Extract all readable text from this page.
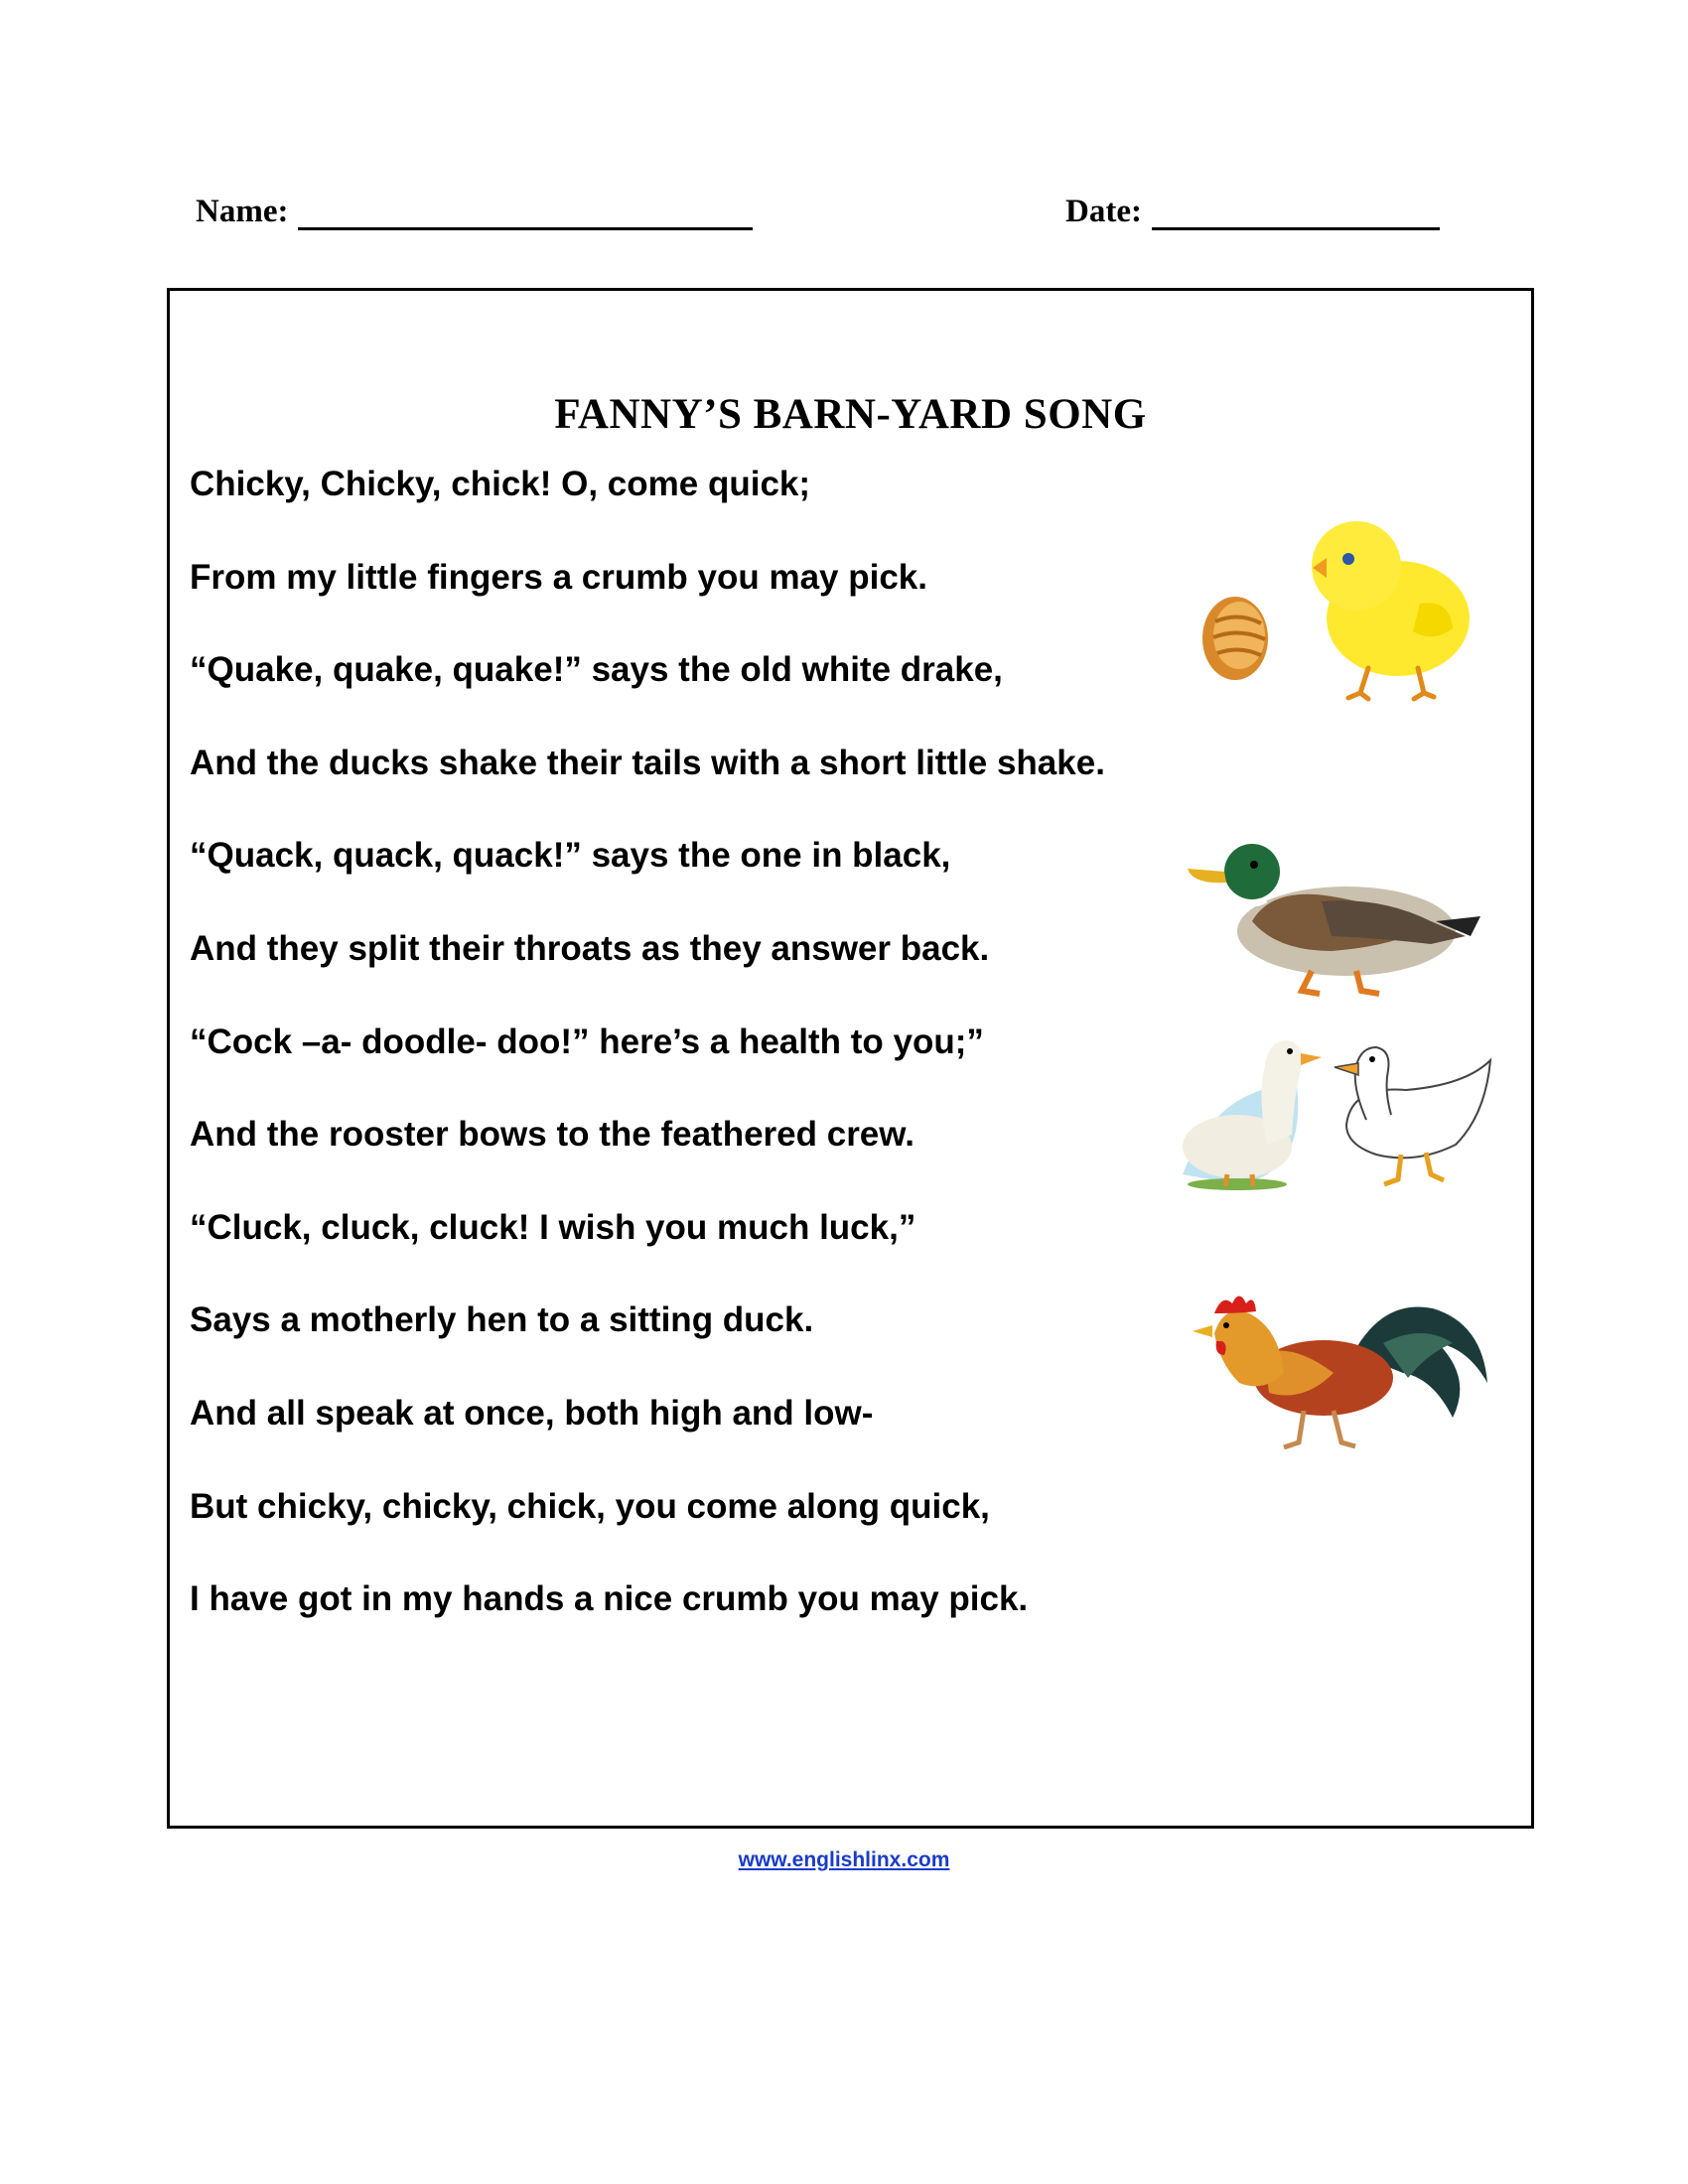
Name:	Date:
FANNY’S BARN-YARD SONG
Chicky, Chicky, chick! O, come quick;
From my little fingers a crumb you may pick.
“Quake, quake, quake!” says the old white drake,
And the ducks shake their tails with a short little shake.
“Quack, quack, quack!” says the one in black,
And they split their throats as they answer back.
“Cock –a- doodle- doo!” here’s a health to you;”
And the rooster bows to the feathered crew.
“Cluck, cluck, cluck! I wish you much luck,”
Says a motherly hen to a sitting duck.
And all speak at once, both high and low-
But chicky, chicky, chick, you come along quick,
I have got in my hands a nice crumb you may pick.
www.englishlinx.com
